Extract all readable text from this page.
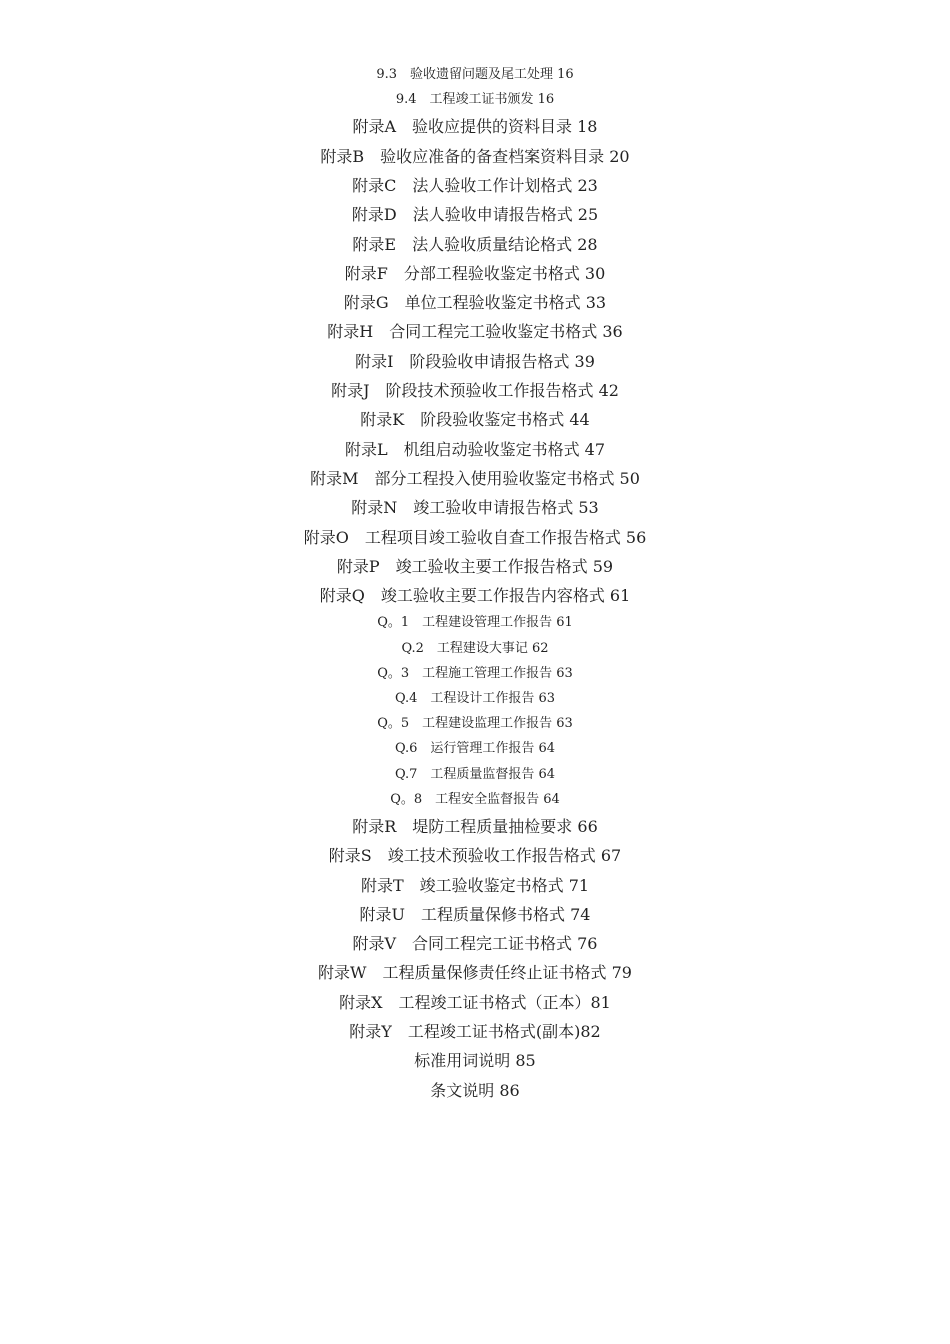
9.3　验收遗留问题及尾工处理 16
9.4　工程竣工证书颁发 16
附录A　验收应提供的资料目录 18
附录B　验收应准备的备查档案资料目录 20
附录C　法人验收工作计划格式 23
附录D　法人验收申请报告格式 25
附录E　法人验收质量结论格式 28
附录F　分部工程验收鉴定书格式 30
附录G　单位工程验收鉴定书格式 33
附录H　合同工程完工验收鉴定书格式 36
附录I　阶段验收申请报告格式 39
附录J　阶段技术预验收工作报告格式 42
附录K　阶段验收鉴定书格式 44
附录L　机组启动验收鉴定书格式 47
附录M　部分工程投入使用验收鉴定书格式 50
附录N　竣工验收申请报告格式 53
附录O　工程项目竣工验收自查工作报告格式 56
附录P　竣工验收主要工作报告格式 59
附录Q　竣工验收主要工作报告内容格式 61
Q。1　工程建设管理工作报告 61
Q.2　工程建设大事记 62
Q。3　工程施工管理工作报告 63
Q.4　工程设计工作报告 63
Q。5　工程建设监理工作报告 63
Q.6　运行管理工作报告 64
Q.7　工程质量监督报告 64
Q。8　工程安全监督报告 64
附录R　堤防工程质量抽检要求 66
附录S　竣工技术预验收工作报告格式 67
附录T　竣工验收鉴定书格式 71
附录U　工程质量保修书格式 74
附录V　合同工程完工证书格式 76
附录W　工程质量保修责任终止证书格式 79
附录X　工程竣工证书格式（正本）81
附录Y　工程竣工证书格式(副本)82
标准用词说明 85
条文说明 86
